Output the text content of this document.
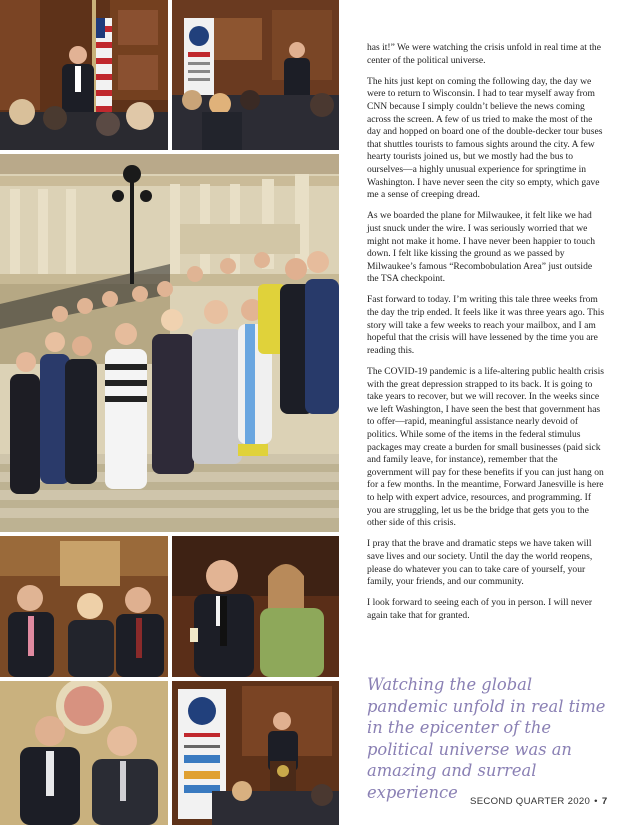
has it!” We were watching the crisis unfold in real time at the center of the political universe.

The hits just kept on coming the following day, the day we were to return to Wisconsin. I had to tear myself away from CNN because I simply couldn’t believe the news coming across the screen. A few of us tried to make the most of the day and hopped on board one of the double-decker tour buses that shuttles tourists to famous sights around the city. A few hearty tourists joined us, but we mostly had the bus to ourselves—a highly unusual experience for springtime in Washington. I have never seen the city so empty, which gave me a sense of creeping dread.

As we boarded the plane for Milwaukee, it felt like we had just snuck under the wire. I was seriously worried that we might not make it home. I have never been happier to touch down. I felt like kissing the ground as we passed by Milwaukee’s famous “Recombobulation Area” just outside the TSA checkpoint.

Fast forward to today. I’m writing this tale three weeks from the day the trip ended. It feels like it was three years ago. This story will take a few weeks to reach your mailbox, and I am hopeful that the crisis will have lessened by the time you are reading this.

The COVID-19 pandemic is a life-altering public health crisis with the great depression strapped to its back. It is going to take years to recover, but we will recover. In the weeks since we left Washington, I have seen the best that government has to offer—rapid, meaningful assistance nearly devoid of politics. While some of the items in the federal stimulus packages may create a burden for small businesses (paid sick and family leave, for instance), remember that the government will pay for these benefits if you can just hang on for a few months. In the meantime, Forward Janesville is here to help with expert advice, resources, and programming. If you are struggling, let us be the bridge that gets you to the other side of this crisis.

I pray that the brave and dramatic steps we have taken will save lives and our society. Until the day the world reopens, please do whatever you can to take care of yourself, your family, your friends, and our community.

I look forward to seeing each of you in person. I will never again take that for granted.

Watching the global pandemic unfold in real time in the epicenter of the political universe was an amazing and surreal experience	SECOND QUARTER 2020 • 7
